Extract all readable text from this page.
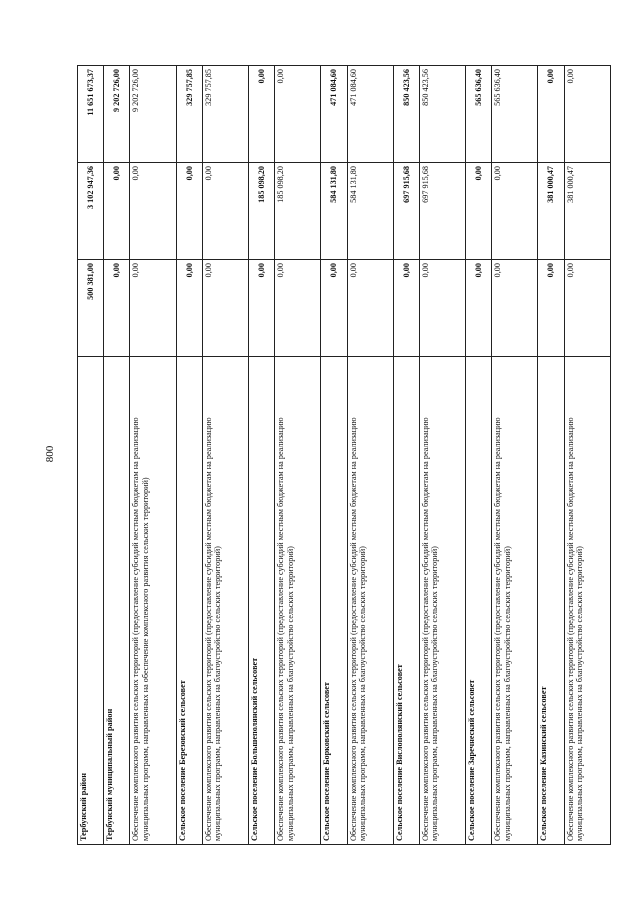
800
Тербунский район	500 381,00	3 102 947,36	11 651 673,37
Тербунский муниципальный район	0,00	0,00	9 202 726,00
Обеспечение комплексного развития сельских территорий (предоставление субсидий местным бюджетам на реализацию муниципальных программ, направленных на обеспечение комплексного развития сельских территорий)	0,00	0,00	9 202 726,00
Сельское поселение Березовский сельсовет	0,00	0,00	329 757,85
Обеспечение комплексного развития сельских территорий (предоставление субсидий местным бюджетам на реализацию муниципальных программ, направленных на благоустройство сельских территорий)	0,00	0,00	329 757,85
Сельское поселение Большеполянский сельсовет	0,00	185 098,20	0,00
Обеспечение комплексного развития сельских территорий (предоставление субсидий местным бюджетам на реализацию муниципальных программ, направленных на благоустройство сельских территорий)	0,00	185 098,20	0,00
Сельское поселение Борковский сельсовет	0,00	584 131,80	471 084,60
Обеспечение комплексного развития сельских территорий (предоставление субсидий местным бюджетам на реализацию муниципальных программ, направленных на благоустройство сельских территорий)	0,00	584 131,80	471 084,60
Сельское поселение Вислополянский сельсовет	0,00	697 915,68	850 423,56
Обеспечение комплексного развития сельских территорий (предоставление субсидий местным бюджетам на реализацию муниципальных программ, направленных на благоустройство сельских территорий)	0,00	697 915,68	850 423,56
Сельское поселение Заречнеский сельсовет	0,00	0,00	565 636,40
Обеспечение комплексного развития сельских территорий (предоставление субсидий местным бюджетам на реализацию муниципальных программ, направленных на благоустройство сельских территорий)	0,00	0,00	565 636,40
Сельское поселение Казинский сельсовет	0,00	381 000,47	0,00
Обеспечение комплексного развития сельских территорий (предоставление субсидий местным бюджетам на реализацию муниципальных программ, направленных на благоустройство сельских территорий)	0,00	381 000,47	0,00
